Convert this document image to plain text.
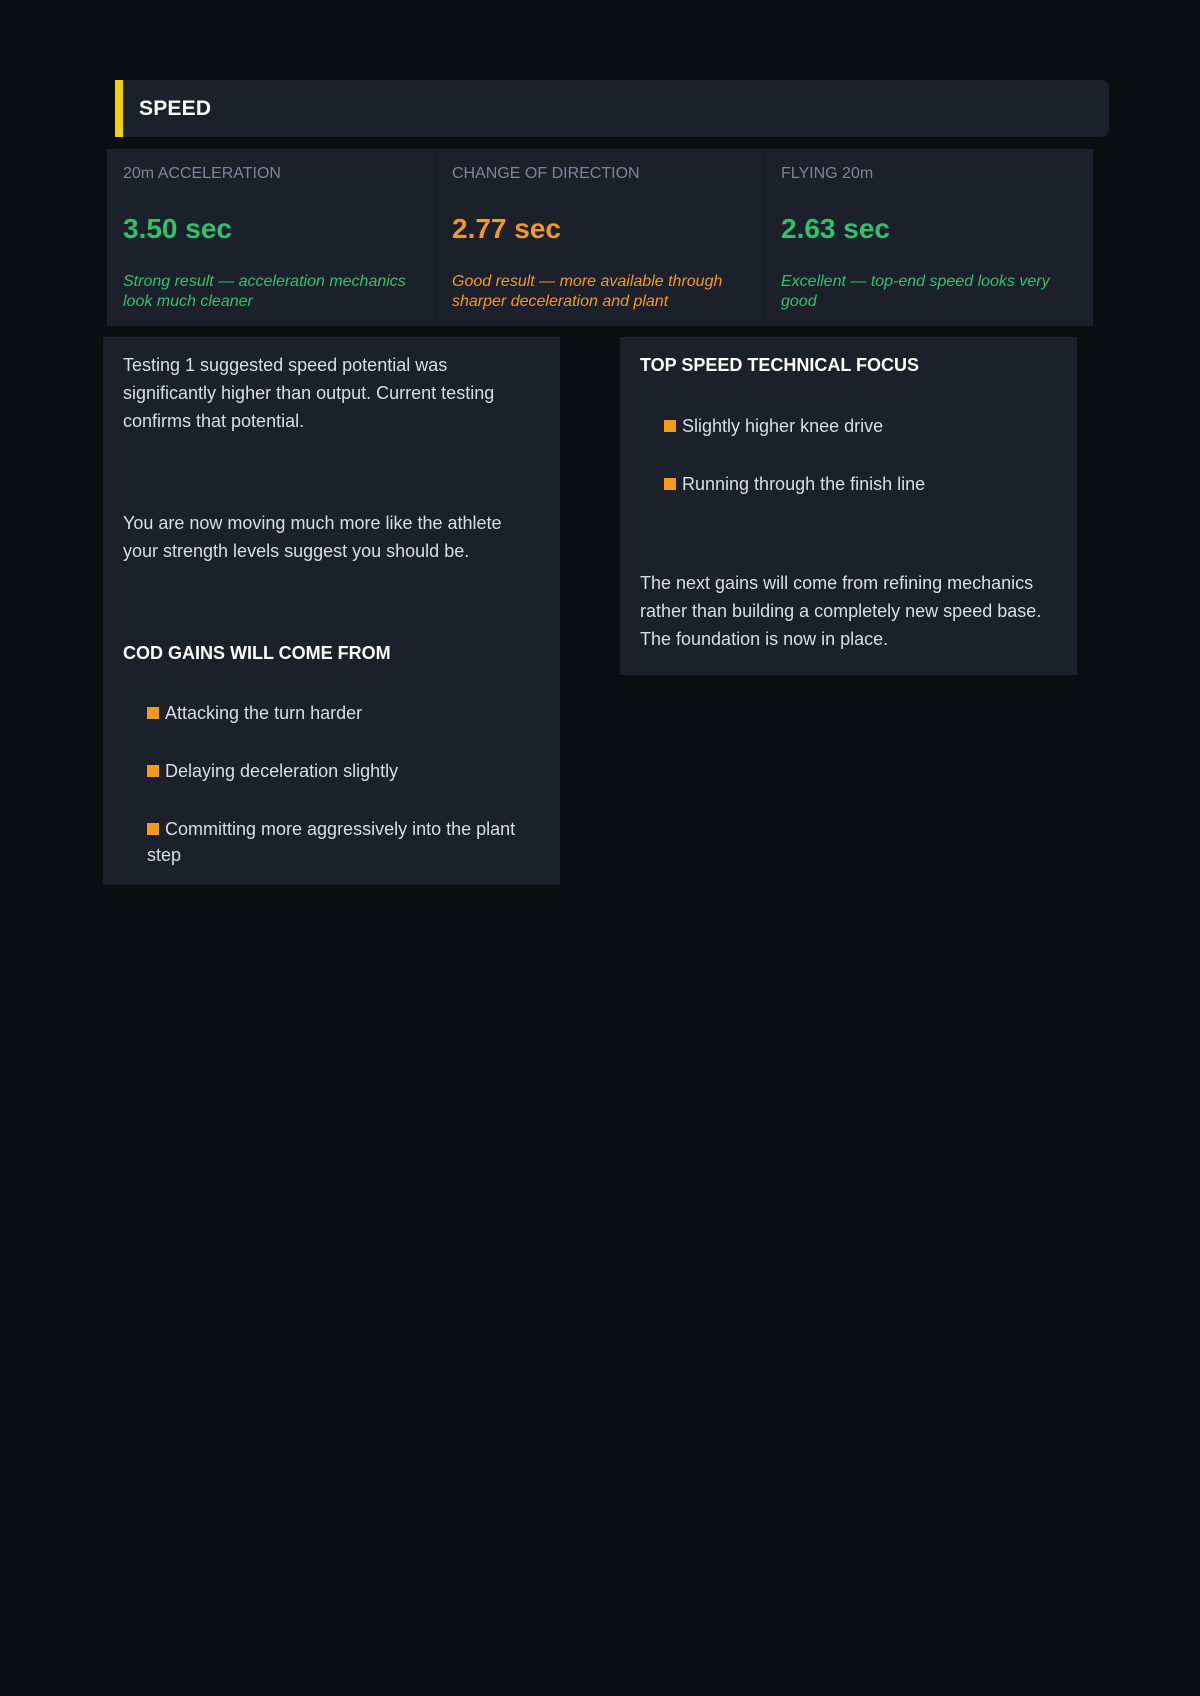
SPEED

20m ACCELERATION

3.50 sec

Strong result — acceleration mechanics look much cleaner

CHANGE OF DIRECTION

2.77 sec

Good result — more available through sharper deceleration and plant

FLYING 20m

2.63 sec

Excellent — top-end speed looks very good

Testing 1 suggested speed potential was significantly higher than output. Current testing confirms that potential.

You are now moving much more like the athlete your strength levels suggest you should be.

COD GAINS WILL COME FROM

Attacking the turn harder
Delaying deceleration slightly
Committing more aggressively into the plant step

TOP SPEED TECHNICAL FOCUS

Slightly higher knee drive
Running through the finish line

The next gains will come from refining mechanics rather than building a completely new speed base. The foundation is now in place.
